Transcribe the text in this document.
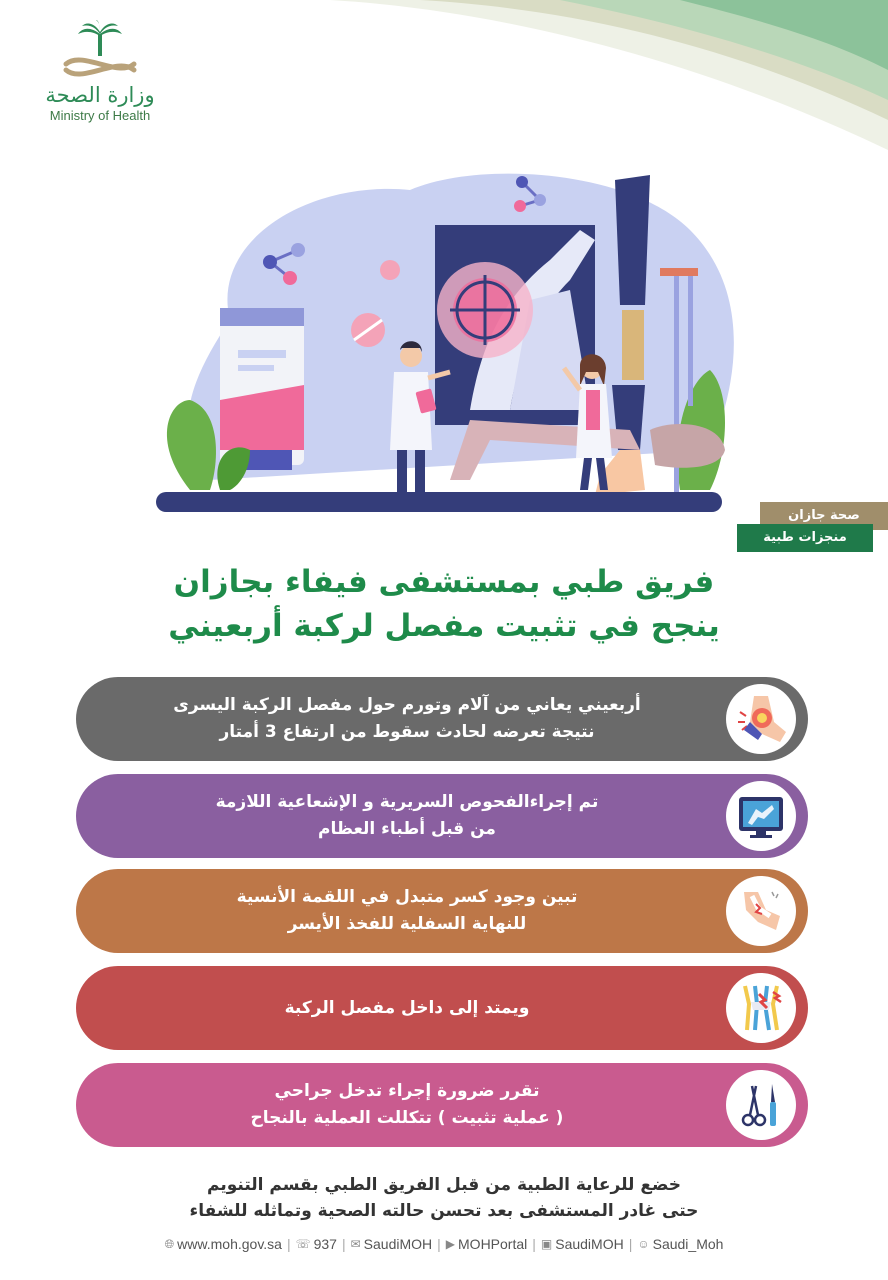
وزارة الصحة
Ministry of Health
صحة جازان
منجزات طبية
فريق طبي بمستشفى فيفاء بجازان
ينجح في تثبيت مفصل لركبة أربعيني
أربعيني يعاني من آلام وتورم حول مفصل الركبة اليسرى
نتيجة تعرضه لحادث سقوط من ارتفاع 3 أمتار
تم إجراءالفحوص السريرية و الإشعاعية اللازمة
من قبل أطباء العظام
تبين وجود كسر متبدل في اللقمة الأنسية
للنهاية السفلية للفخذ الأيسر
ويمتد إلى داخل مفصل الركبة
تقرر ضرورة إجراء تدخل جراحي
( عملية تثبيت ) تتكللت العملية بالنجاح
خضع للرعاية الطبية من قبل الفريق الطبي بقسم التنويم
حتى غادر المستشفى بعد تحسن حالته الصحية وتماثله للشفاء
🌐︎ www.moh.gov.sa | ☏ 937 | ✉︎ SaudiMOH | ▶︎ MOHPortal | ▣ SaudiMOH | ☺︎ Saudi_Moh
